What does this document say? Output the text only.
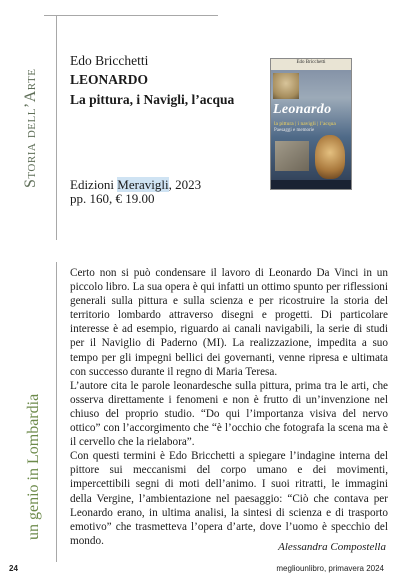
Storia dell’Arte
un genio in Lombardia
Edo Bricchetti
LEONARDO
La pittura, i Navigli, l’acqua
Edizioni Meravigli, 2023
pp. 160, € 19.00
Edo Bricchetti
Leonardo
la pittura | i navigli | l’acqua
Paesaggi e memorie

Certo non si può condensare il lavoro di Leonardo Da Vinci in un piccolo libro. La sua opera è qui infatti un ottimo spunto per riflessioni generali sulla pittura e sulla scienza e per ricostruire la storia del territorio lombardo attraverso disegni e progetti. Di particolare interesse è ad esempio, riguardo ai canali navigabili, la serie di studi per il Naviglio di Paderno (MI). La realizzazione, impedita a suo tempo per gli impegni bellici dei governanti, venne ripresa e ultimata con successo durante il regno di Maria Teresa.

L’autore cita le parole leonardesche sulla pittura, prima tra le arti, che osserva direttamente i fenomeni e non è frutto di un’invenzione nel chiuso del proprio studio. “Do qui l’importanza visiva del nervo ottico” con l’accorgimento che “è l’occhio che fotografa la scena ma è il cervello che la rielabora”.

Con questi termini è Edo Bricchetti a spiegare l’indagine interna del pittore sui meccanismi del corpo umano e dei movimenti, impercettibili segni di moti dell’animo. I suoi ritratti, le immagini della Vergine, l’ambientazione nel paesaggio: “Ciò che contava per Leonardo erano, in ultima analisi, la sintesi di scienza e di trasporto emotivo” che trasmetteva l’opera d’arte, dove l’uomo è specchio del mondo.

Alessandra Compostella
24	megliounlibro, primavera 2024
